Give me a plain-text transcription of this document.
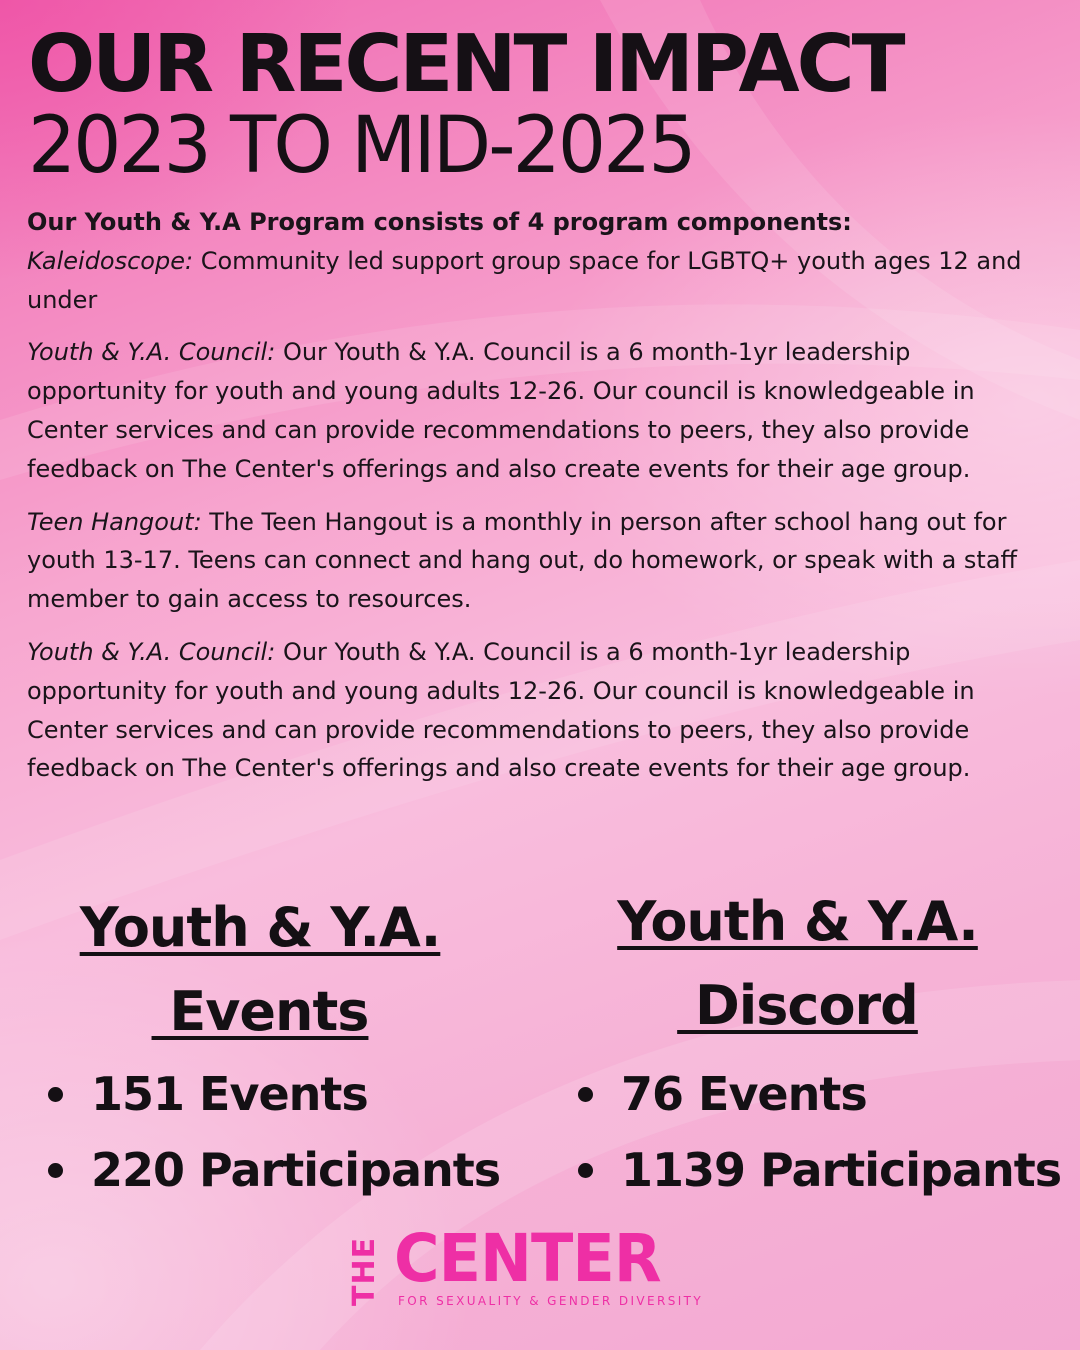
OUR RECENT IMPACT
2023 TO MID-2025

Our Youth & Y.A Program consists of 4 program components:
Kaleidoscope: Community led support group space for LGBTQ+ youth ages 12 and under

Youth & Y.A. Council: Our Youth & Y.A. Council is a 6 month-1yr leadership opportunity for youth and young adults 12-26. Our council is knowledgeable in Center services and can provide recommendations to peers, they also provide feedback on The Center's offerings and also create events for their age group.

Teen Hangout: The Teen Hangout is a monthly in person after school hang out for youth 13-17. Teens can connect and hang out, do homework, or speak with a staff member to gain access to resources.

Youth & Y.A. Council: Our Youth & Y.A. Council is a 6 month-1yr leadership opportunity for youth and young adults 12-26. Our council is knowledgeable in Center services and can provide recommendations to peers, they also provide feedback on The Center's offerings and also create events for their age group.

Youth & Y.A.
Events
151 Events
220 Participants
Youth & Y.A.
Discord
76 Events
1139 Participants
THE CENTER
FOR SEXUALITY & GENDER DIVERSITY
